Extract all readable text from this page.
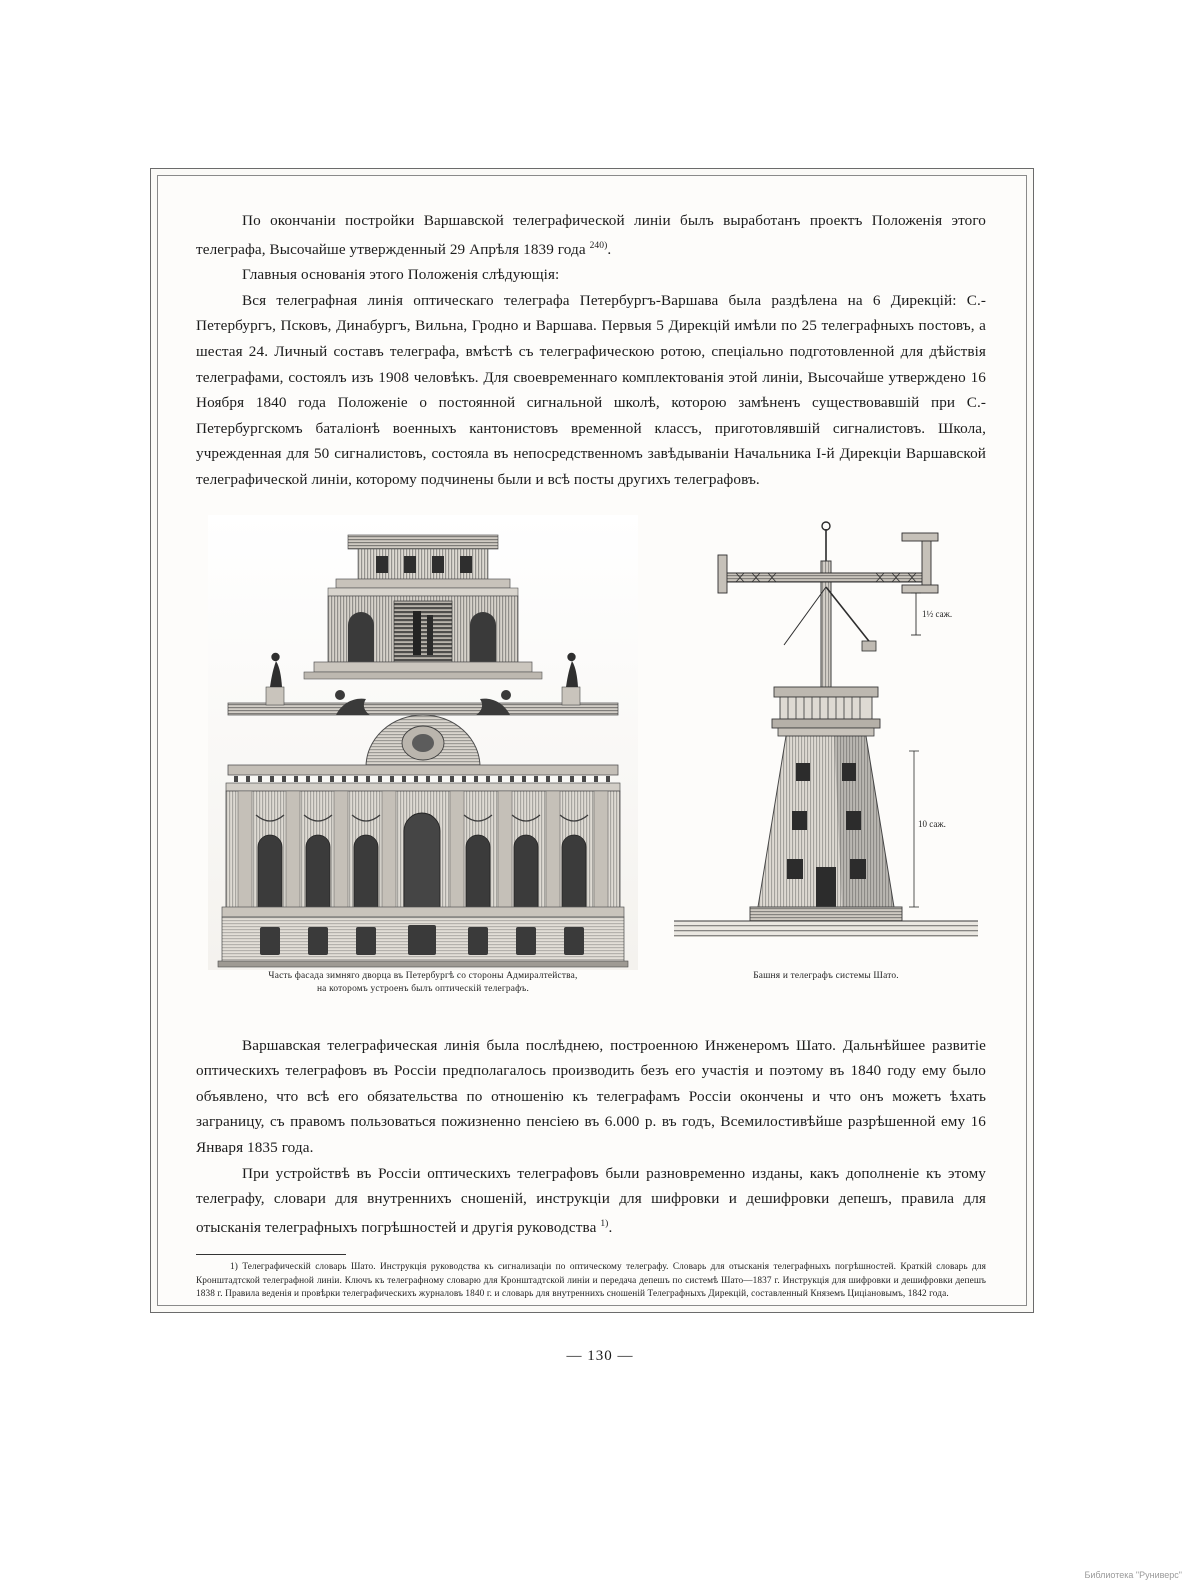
По окончаніи постройки Варшавской телеграфической линіи былъ выработанъ проектъ Положенія этого телеграфа, Высочайше утвержденный 29 Апрѣля 1839 года $^{240)}$.

Главныя основанія этого Положенія слѣдующія:

Вся телеграфная линія оптическаго телеграфа Петербургъ-Варшава была раздѣлена на 6 Дирекцій: С.-Петербургъ, Псковъ, Динабургъ, Вильна, Гродно и Варшава. Первыя 5 Дирекцій имѣли по 25 телеграфныхъ постовъ, а шестая 24. Личный составъ телеграфа, вмѣстѣ съ телеграфическою ротою, спеціально подготовленной для дѣйствія телеграфами, состоялъ изъ 1908 человѣкъ. Для своевременнаго комплектованія этой линіи, Высочайше утверждено 16 Ноября 1840 года Положеніе о постоянной сигнальной школѣ, которою замѣненъ существовавшій при С.-Петербургскомъ баталіонѣ военныхъ кантонистовъ временной классъ, приготовлявшій сигналистовъ. Школа, учрежденная для 50 сигналистовъ, состояла въ непосредственномъ завѣдываніи Начальника I-й Дирекціи Варшавской телеграфической линіи, которому подчинены были и всѣ посты другихъ телеграфовъ.

Часть фасада зимняго дворца въ Петербургѣ со стороны Адмиралтейства,
на которомъ устроенъ былъ оптическій телеграфъ.
1½ саж.
10 саж.
Башня и телеграфъ системы Шато.

Варшавская телеграфическая линія была послѣднею, построенною Инженеромъ Шато. Дальнѣйшее развитіе оптическихъ телеграфовъ въ Россіи предполагалось производить безъ его участія и поэтому въ 1840 году ему было объявлено, что всѣ его обязательства по отношенію къ телеграфамъ Россіи окончены и что онъ можетъ ѣхать заграницу, съ правомъ пользоваться пожизненно пенсіею въ 6.000 р. въ годъ, Всемилостивѣйше разрѣшенной ему 16 Января 1835 года.

При устройствѣ въ Россіи оптическихъ телеграфовъ были разновременно изданы, какъ дополненіе къ этому телеграфу, словари для внутреннихъ сношеній, инструкціи для шифровки и дешифровки депешъ, правила для отысканія телеграфныхъ погрѣшностей и другія руководства $^{1)}$.

1) Телеграфическій словарь Шато. Инструкція руководства къ сигнализаціи по оптическому телеграфу. Словарь для отысканія телеграфныхъ погрѣшностей. Краткій словарь для Кронштадтской телеграфной линіи. Ключъ къ телеграфному словарю для Кронштадтской линіи и передача депешъ по системѣ Шато—1837 г. Инструкція для шифровки и дешифровки депешъ 1838 г. Правила веденія и провѣрки телеграфическихъ журналовъ 1840 г. и словарь для внутреннихъ сношеній Телеграфныхъ Дирекцій, составленный Княземъ Циціановымъ, 1842 года.
— 130 —
Библиотека "Руниверс"
